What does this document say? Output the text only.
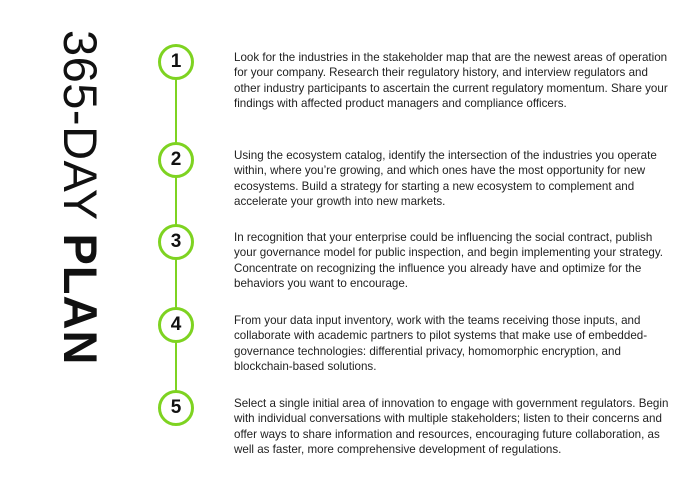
365-DAY PLAN
1	Look for the industries in the stakeholder map that are the newest areas of operation for your company. Research their regulatory history, and interview regulators and other industry participants to ascertain the current regulatory momentum. Share your findings with affected product managers and compliance officers.
2	Using the ecosystem catalog, identify the intersection of the industries you operate within, where you’re growing, and which ones have the most opportunity for new ecosystems. Build a strategy for starting a new ecosystem to complement and accelerate your growth into new markets.
3	In recognition that your enterprise could be influencing the social contract, publish your governance model for public inspection, and begin implementing your strategy. Concentrate on recognizing the influence you already have and optimize for the behaviors you want to encourage.
4	From your data input inventory, work with the teams receiving those inputs, and collaborate with academic partners to pilot systems that make use of embedded-governance technologies: differential privacy, homomorphic encryption, and blockchain-based solutions.
5	Select a single initial area of innovation to engage with government regulators. Begin with individual conversations with multiple stakeholders; listen to their concerns and offer ways to share information and resources, encouraging future collaboration, as well as faster, more comprehensive development of regulations.
